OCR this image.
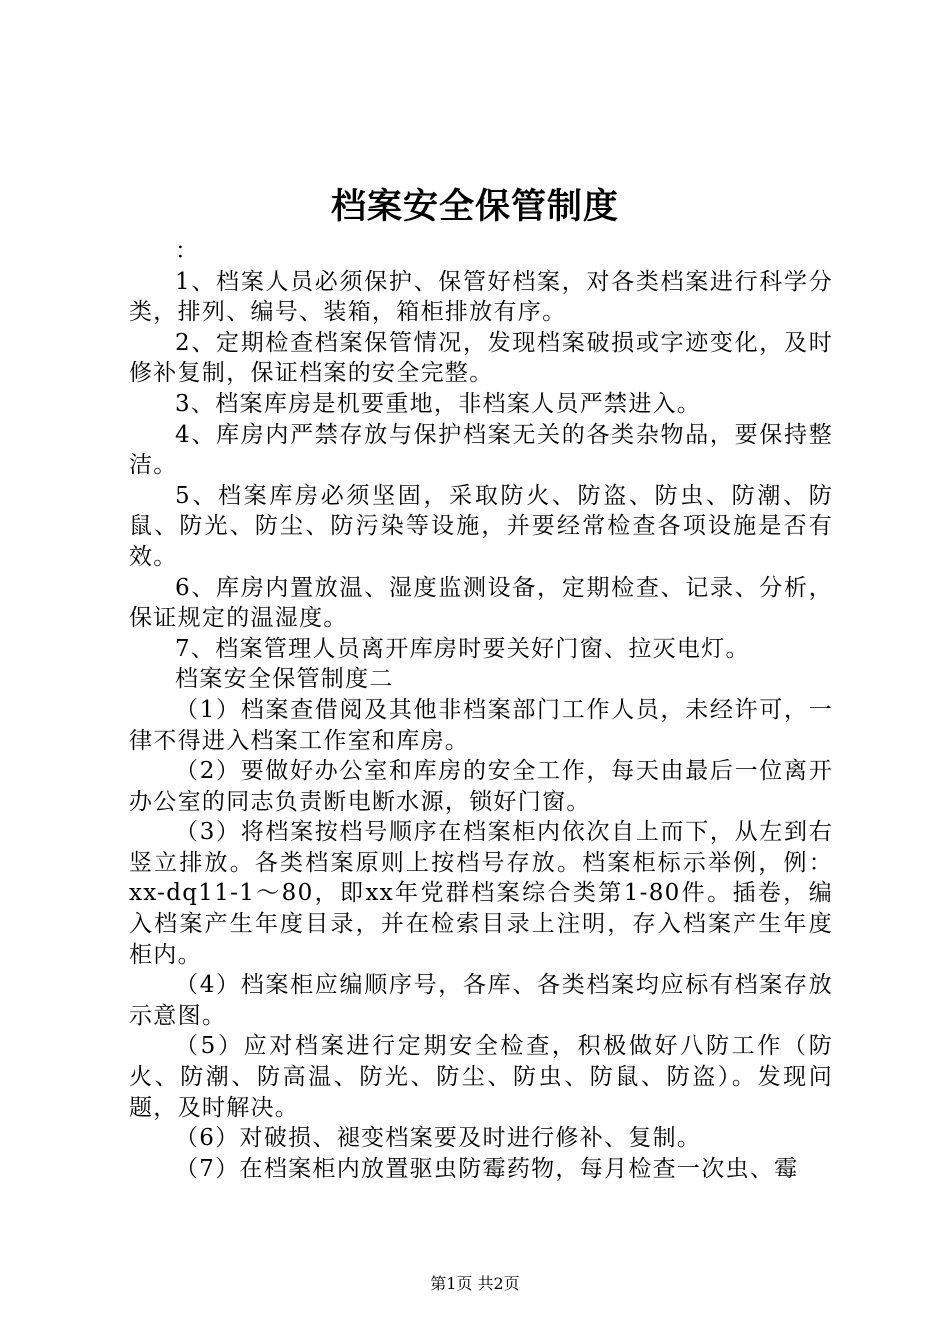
档案安全保管制度

：

1、档案人员必须保护、保管好档案，对各类档案进行科学分类，排列、编号、装箱，箱柜排放有序。

2、定期检查档案保管情况，发现档案破损或字迹变化，及时修补复制，保证档案的安全完整。

3、档案库房是机要重地，非档案人员严禁进入。

4、库房内严禁存放与保护档案无关的各类杂物品，要保持整洁。

5、档案库房必须坚固，采取防火、防盗、防虫、防潮、防鼠、防光、防尘、防污染等设施，并要经常检查各项设施是否有效。

6、库房内置放温、湿度监测设备，定期检查、记录、分析，保证规定的温湿度。

7、档案管理人员离开库房时要关好门窗、拉灭电灯。

档案安全保管制度二

（1）档案查借阅及其他非档案部门工作人员，未经许可，一律不得进入档案工作室和库房。

（2）要做好办公室和库房的安全工作，每天由最后一位离开办公室的同志负责断电断水源，锁好门窗。

（3）将档案按档号顺序在档案柜内依次自上而下，从左到右竖立排放。各类档案原则上按档号存放。档案柜标示举例，例：xx-dq11-1～80，即xx年党群档案综合类第1-80件。插卷，编入档案产生年度目录，并在检索目录上注明，存入档案产生年度柜内。

（4）档案柜应编顺序号，各库、各类档案均应标有档案存放示意图。

（5）应对档案进行定期安全检查，积极做好八防工作（防火、防潮、防高温、防光、防尘、防虫、防鼠、防盗）。发现问题，及时解决。

（6）对破损、褪变档案要及时进行修补、复制。

（7）在档案柜内放置驱虫防霉药物，每月检查一次虫、霉

第1页 共2页
